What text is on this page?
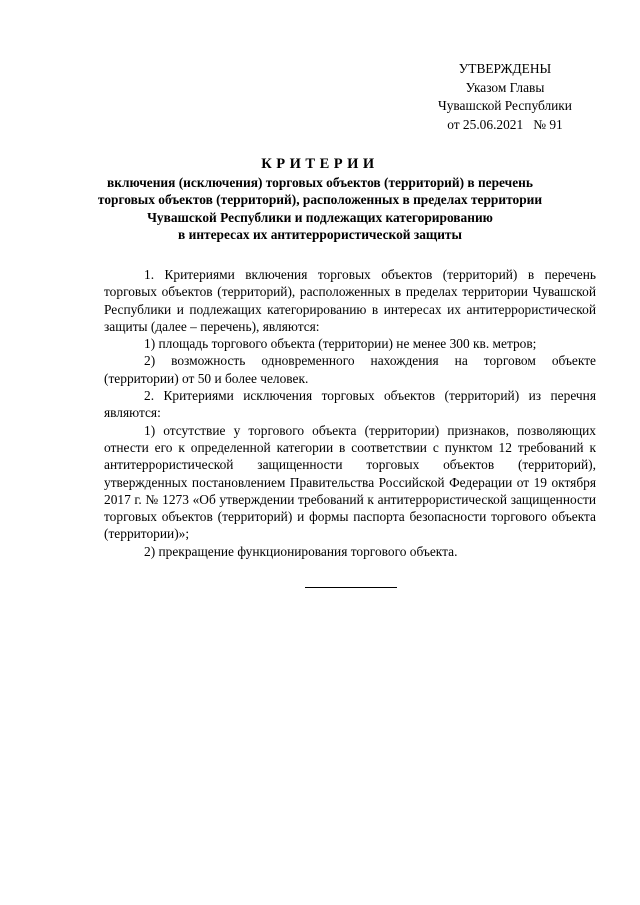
УТВЕРЖДЕНЫ
Указом Главы
Чувашской Республики
от 25.06.2021   № 91
КРИТЕРИИ
включения (исключения) торговых объектов (территорий) в перечень
торговых объектов (территорий), расположенных в пределах территории
Чувашской Республики и подлежащих категорированию
в интересах их антитеррористической защиты

1. Критериями включения торговых объектов (территорий) в перечень торговых объектов (территорий), расположенных в пределах территории Чувашской Республики и подлежащих категорированию в интересах их антитеррористической защиты (далее – перечень), являются:

1) площадь торгового объекта (территории) не менее 300 кв. метров;

2) возможность одновременного нахождения на торговом объекте (территории) от 50 и более человек.

2. Критериями исключения торговых объектов (территорий) из перечня являются:

1) отсутствие у торгового объекта (территории) признаков, позволяющих отнести его к определенной категории в соответствии с пунктом 12 требований к антитеррористической защищенности торговых объектов (территорий), утвержденных постановлением Правительства Российской Федерации от 19 октября 2017 г. № 1273 «Об утверждении требований к антитеррористической защищенности торговых объектов (территорий) и формы паспорта безопасности торгового объекта (территории)»;

2) прекращение функционирования торгового объекта.
